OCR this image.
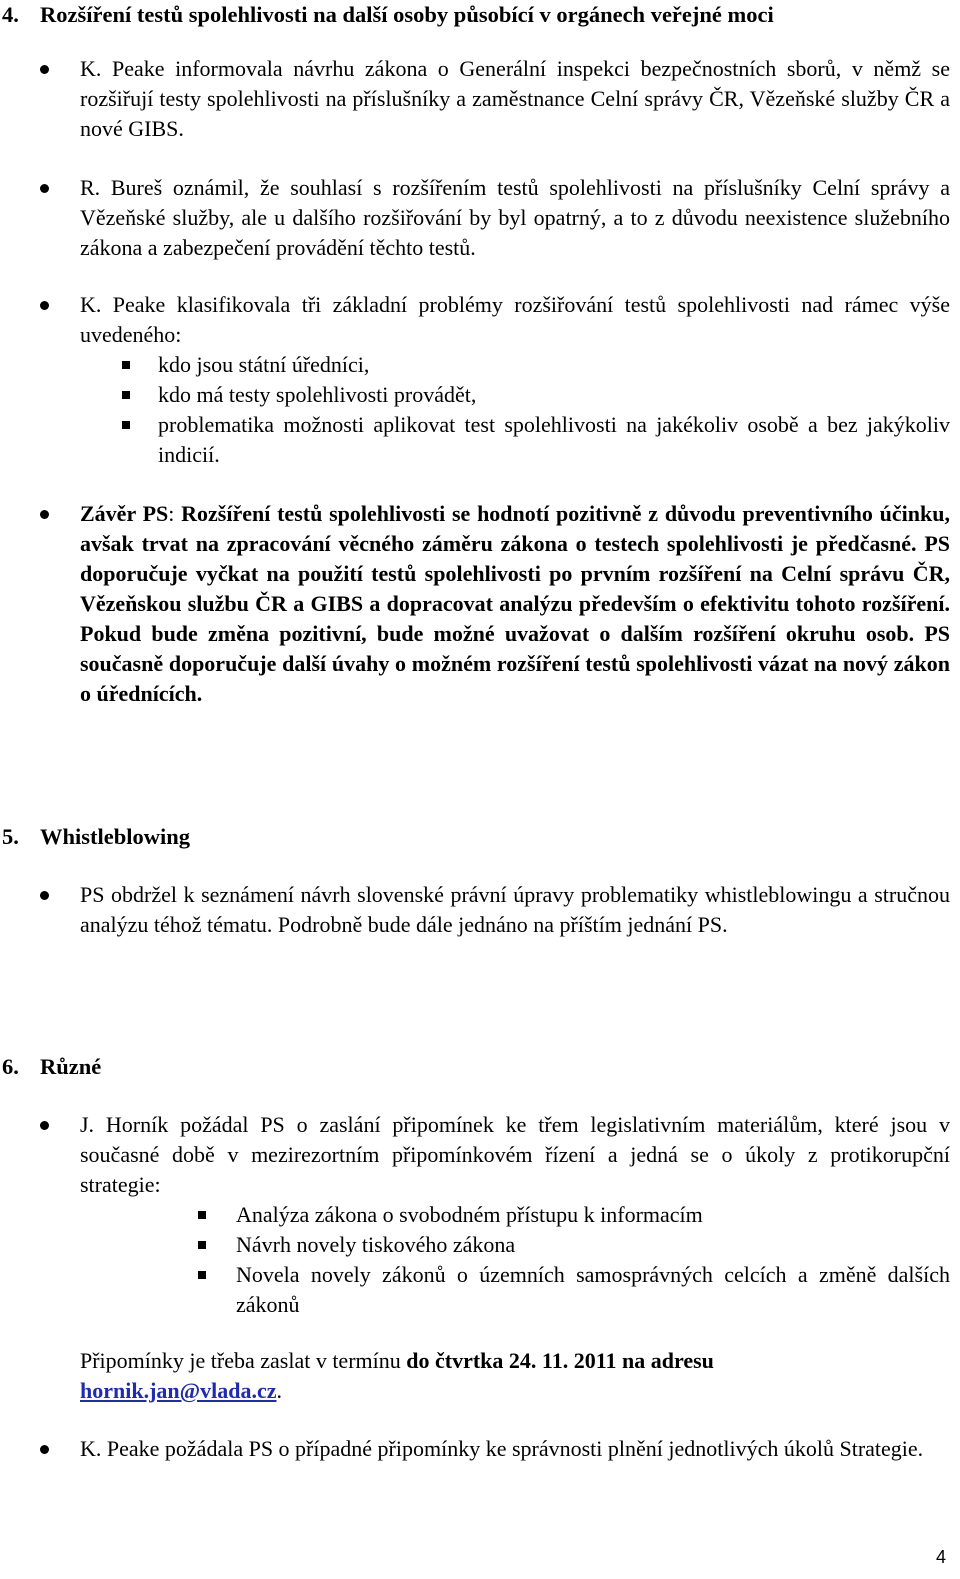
4. Rozšíření testů spolehlivosti na další osoby působící v orgánech veřejné moci

K. Peake informovala návrhu zákona o Generální inspekci bezpečnostních sborů, v němž se rozšiřují testy spolehlivosti na příslušníky a zaměstnance Celní správy ČR, Vězeňské služby ČR a nové GIBS.

R. Bureš oznámil, že souhlasí s rozšířením testů spolehlivosti na příslušníky Celní správy a Vězeňské služby, ale u dalšího rozšiřování by byl opatrný, a to z důvodu neexistence služebního zákona a zabezpečení provádění těchto testů.

K. Peake klasifikovala tři základní problémy rozšiřování testů spolehlivosti nad rámec výše uvedeného:

kdo jsou státní úředníci,
kdo má testy spolehlivosti provádět,
problematika možnosti aplikovat test spolehlivosti na jakékoliv osobě a bez jakýkoliv indicií.

Závěr PS: Rozšíření testů spolehlivosti se hodnotí pozitivně z důvodu preventivního účinku, avšak trvat na zpracování věcného záměru zákona o testech spolehlivosti je předčasné. PS doporučuje vyčkat na použití testů spolehlivosti po prvním rozšíření na Celní správu ČR, Vězeňskou službu ČR a GIBS a dopracovat analýzu především o efektivitu tohoto rozšíření. Pokud bude změna pozitivní, bude možné uvažovat o dalším rozšíření okruhu osob. PS současně doporučuje další úvahy o možném rozšíření testů spolehlivosti vázat na nový zákon o úřednících.

5. Whistleblowing

PS obdržel k seznámení návrh slovenské právní úpravy problematiky whistleblowingu a stručnou analýzu téhož tématu. Podrobně bude dále jednáno na příštím jednání PS.

6. Různé

J. Horník požádal PS o zaslání připomínek ke třem legislativním materiálům, které jsou v současné době v mezirezortním připomínkovém řízení a jedná se o úkoly z protikorupční strategie:

Analýza zákona o svobodném přístupu k informacím
Návrh novely tiskového zákona
Novela novely zákonů o územních samosprávných celcích a změně dalších zákonů

Připomínky je třeba zaslat v termínu do čtvrtka 24. 11. 2011 na adresu
hornik.jan@vlada.cz.

K. Peake požádala PS o případné připomínky ke správnosti plnění jednotlivých úkolů Strategie.

4
